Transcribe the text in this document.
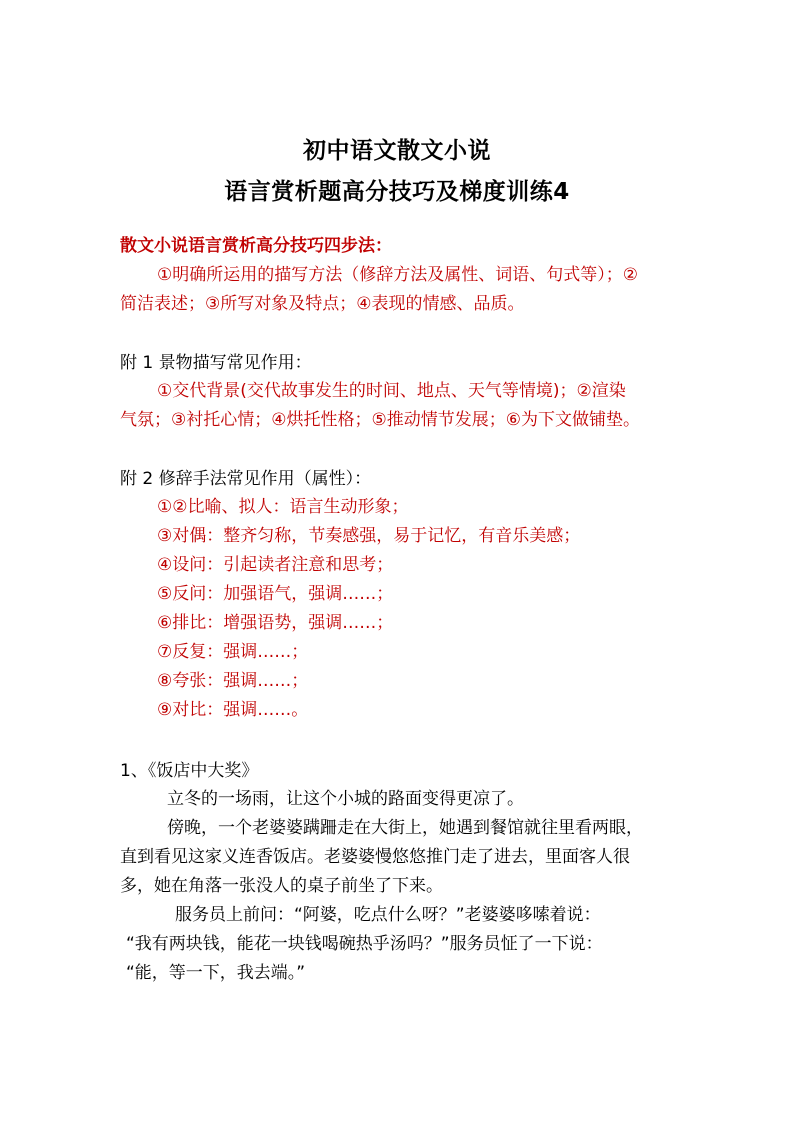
初中语文散文小说
语言赏析题高分技巧及梯度训练4
散文小说语言赏析高分技巧四步法：
①明确所运用的描写方法（修辞方法及属性、词语、句式等）；②
简洁表述；③所写对象及特点；④表现的情感、品质。
附 1 景物描写常见作用：
①交代背景(交代故事发生的时间、地点、天气等情境)；②渲染
气氛；③衬托心情；④烘托性格；⑤推动情节发展；⑥为下文做铺垫。
附 2 修辞手法常见作用（属性）：
①②比喻、拟人：语言生动形象；
③对偶：整齐匀称，节奏感强，易于记忆，有音乐美感；
④设问：引起读者注意和思考；
⑤反问：加强语气，强调……；
⑥排比：增强语势，强调……；
⑦反复：强调……；
⑧夸张：强调……；
⑨对比：强调……。
1、《饭店中大奖》
立冬的一场雨，让这个小城的路面变得更凉了。
傍晚，一个老婆婆蹒跚走在大街上，她遇到餐馆就往里看两眼，
直到看见这家义连香饭店。老婆婆慢悠悠推门走了进去，里面客人很
多，她在角落一张没人的桌子前坐了下来。
服务员上前问：“阿婆，吃点什么呀？”老婆婆哆嗦着说：
“我有两块钱，能花一块钱喝碗热乎汤吗？”服务员怔了一下说：
“能，等一下，我去端。”
